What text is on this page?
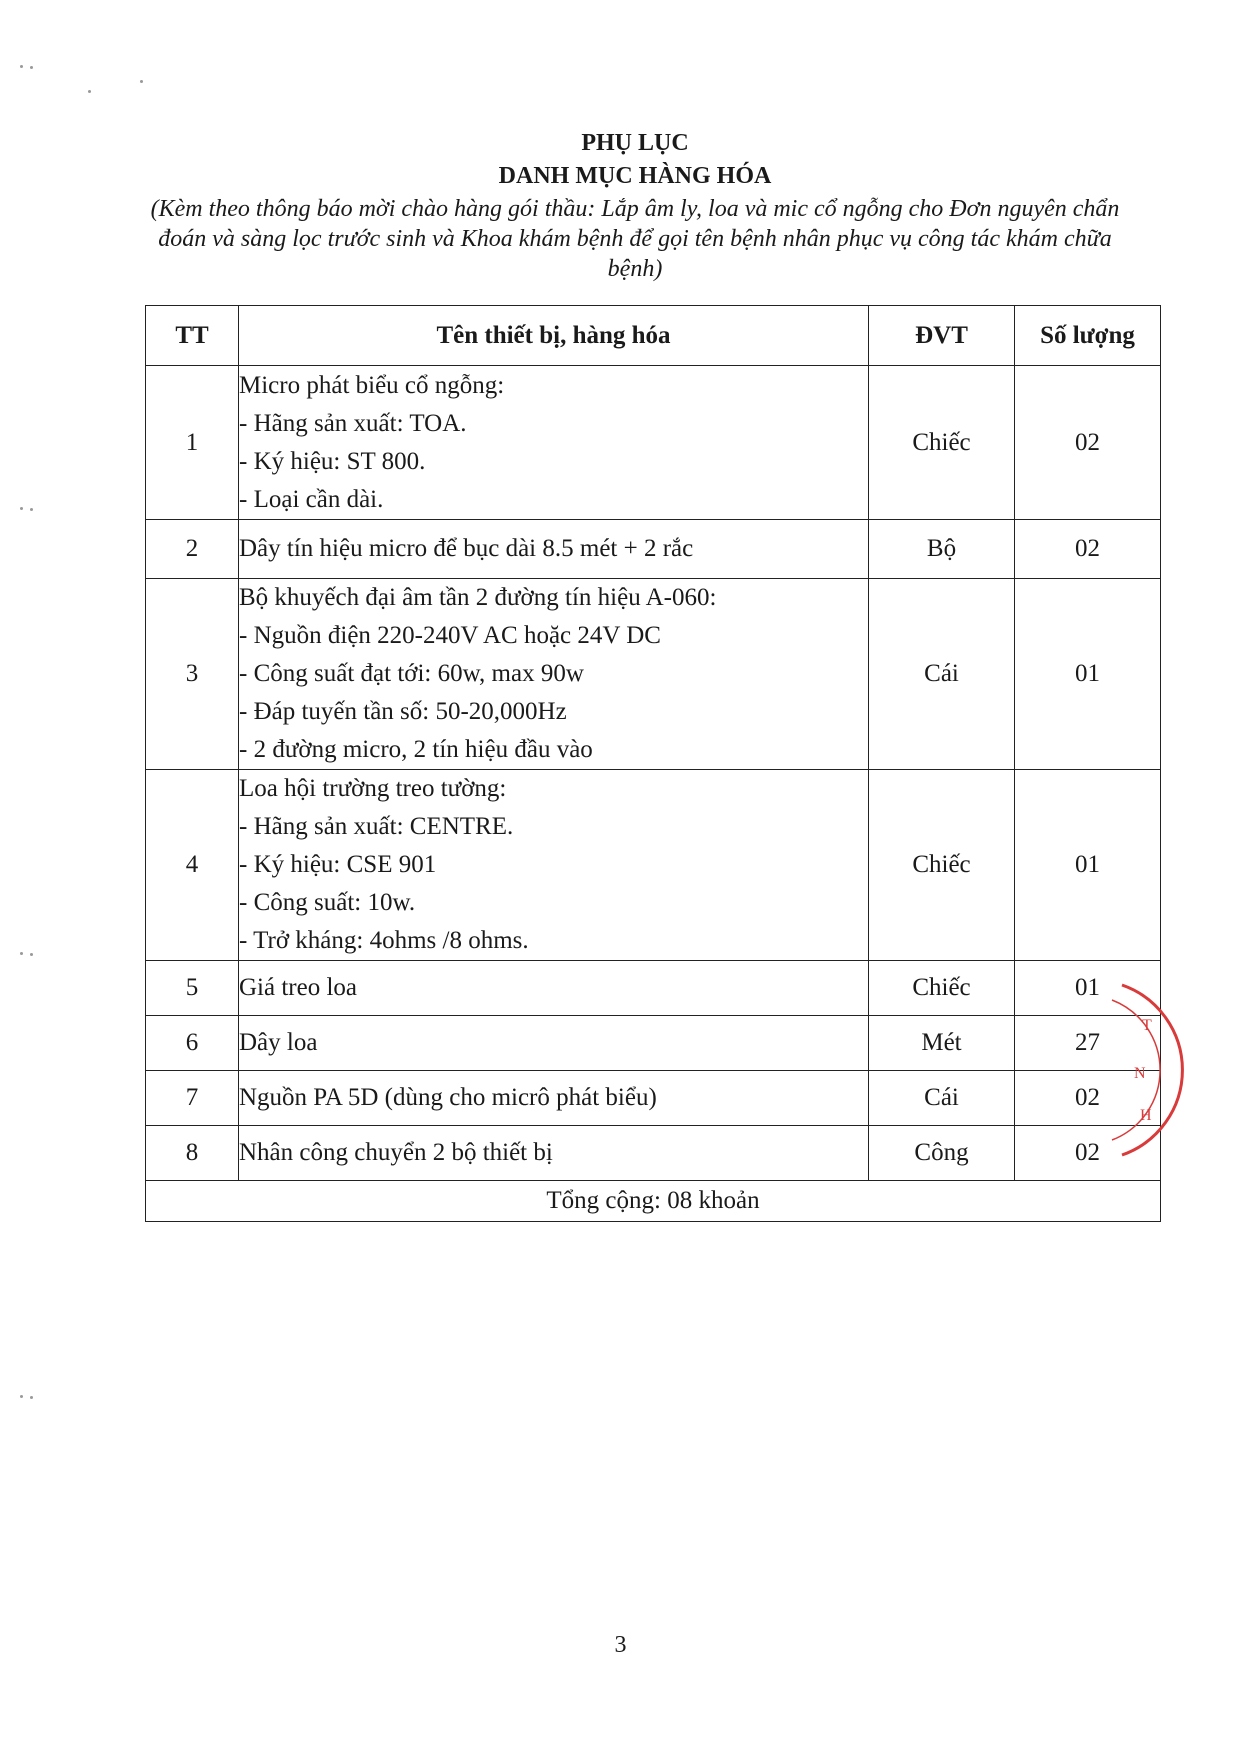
PHỤ LỤC
DANH MỤC HÀNG HÓA
(Kèm theo thông báo mời chào hàng gói thầu: Lắp âm ly, loa và mic cổ ngỗng cho Đơn nguyên chẩn đoán và sàng lọc trước sinh và Khoa khám bệnh để gọi tên bệnh nhân phục vụ công tác khám chữa bệnh)
TT	Tên thiết bị, hàng hóa	ĐVT	Số lượng
1	Micro phát biểu cổ ngỗng:
- Hãng sản xuất: TOA.
- Ký hiệu: ST 800.
- Loại cần dài.	Chiếc	02
2	Dây tín hiệu micro để bục dài 8.5 mét + 2 rắc	Bộ	02
3	Bộ khuyếch đại âm tần 2 đường tín hiệu A-060:
- Nguồn điện 220-240V AC hoặc 24V DC
- Công suất đạt tới: 60w, max 90w
- Đáp tuyến tần số: 50-20,000Hz
- 2 đường micro, 2 tín hiệu đầu vào	Cái	01
4	Loa hội trường treo tường:
- Hãng sản xuất: CENTRE.
- Ký hiệu: CSE 901
- Công suất: 10w.
- Trở kháng: 4ohms /8 ohms.	Chiếc	01
5	Giá treo loa	Chiếc	01
6	Dây loa	Mét	27
7	Nguồn PA 5D (dùng cho micrô phát biểu)	Cái	02
8	Nhân công chuyển 2 bộ thiết bị	Công	02
Tổng cộng: 08 khoản			
T
N
H
3
